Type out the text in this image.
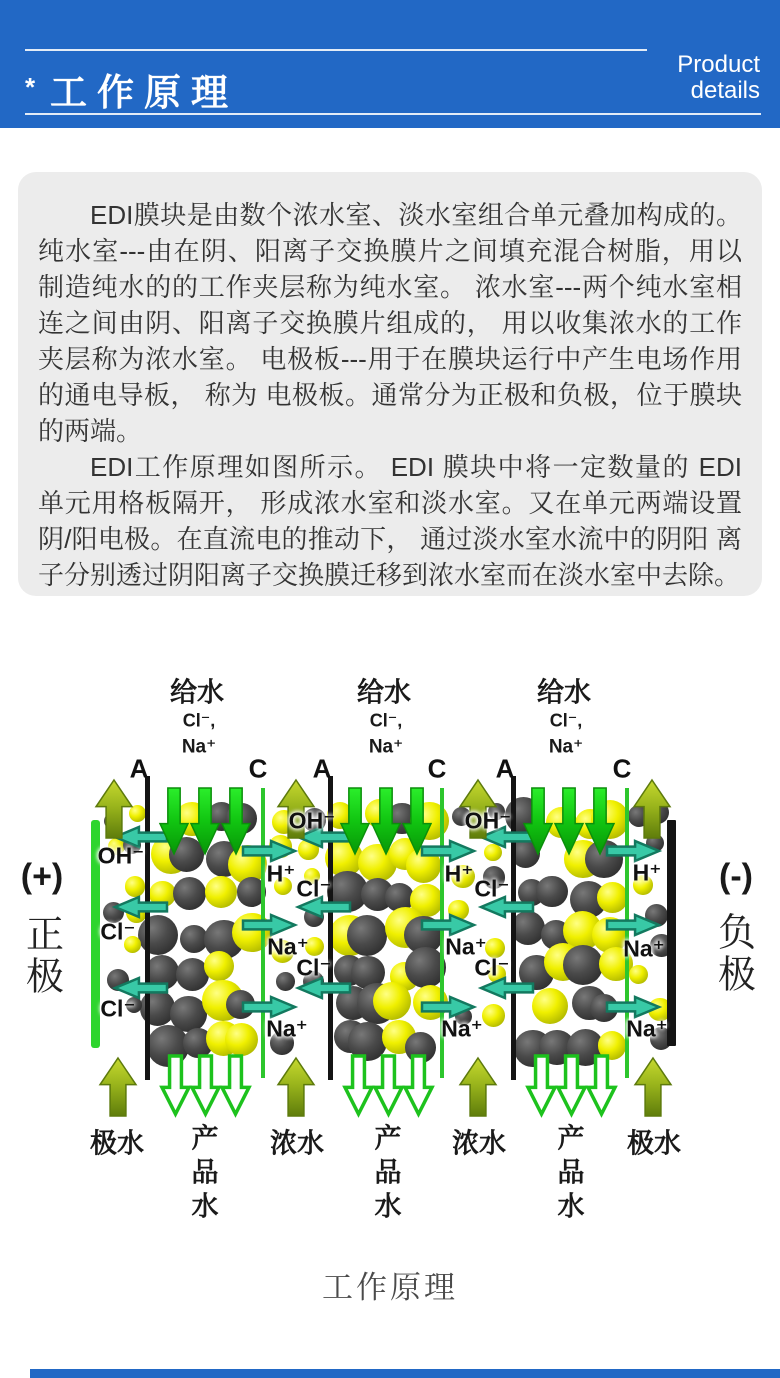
* 工作原理
Product
details

EDI膜块是由数个浓水室、淡水室组合单元叠加构成的。 纯水室---由在阴、阳离子交换膜片之间填充混合树脂，用以 制造纯水的的工作夹层称为纯水室。 浓水室---两个纯水室相连之间由阴、阳离子交换膜片组成的， 用以收集浓水的工作夹层称为浓水室。 电极板---用于在膜块运行中产生电场作用的通电导板， 称为 电极板。通常分为正极和负极，位于膜块的两端。

EDI工作原理如图所示。 EDI 膜块中将一定数量的 EDI 单元用格板隔开， 形成浓水室和淡水室。又在单元两端设置 阴/阳电极。在直流电的推动下， 通过淡水室水流中的阴阳 离子分别透过阴阳离子交换膜迁移到浓水室而在淡水室中去除。

给水
Cl⁻,
Na⁺
给水
Cl⁻,
Na⁺
给水
Cl⁻,
Na⁺
A	A	A
C	C	C
(+)
正
极
(-)
负
极
OH⁻
Cl⁻
Cl⁻
OH⁻
H⁺
Cl⁻
Na⁺
Cl⁻
Na⁺
OH⁻
H⁺
Cl⁻
Na⁺
Cl⁻
Na⁺
H⁺
Na⁺
Na⁺
极水	浓水	浓水	极水
产
品
水
产
品
水
产
品
水
工作原理
